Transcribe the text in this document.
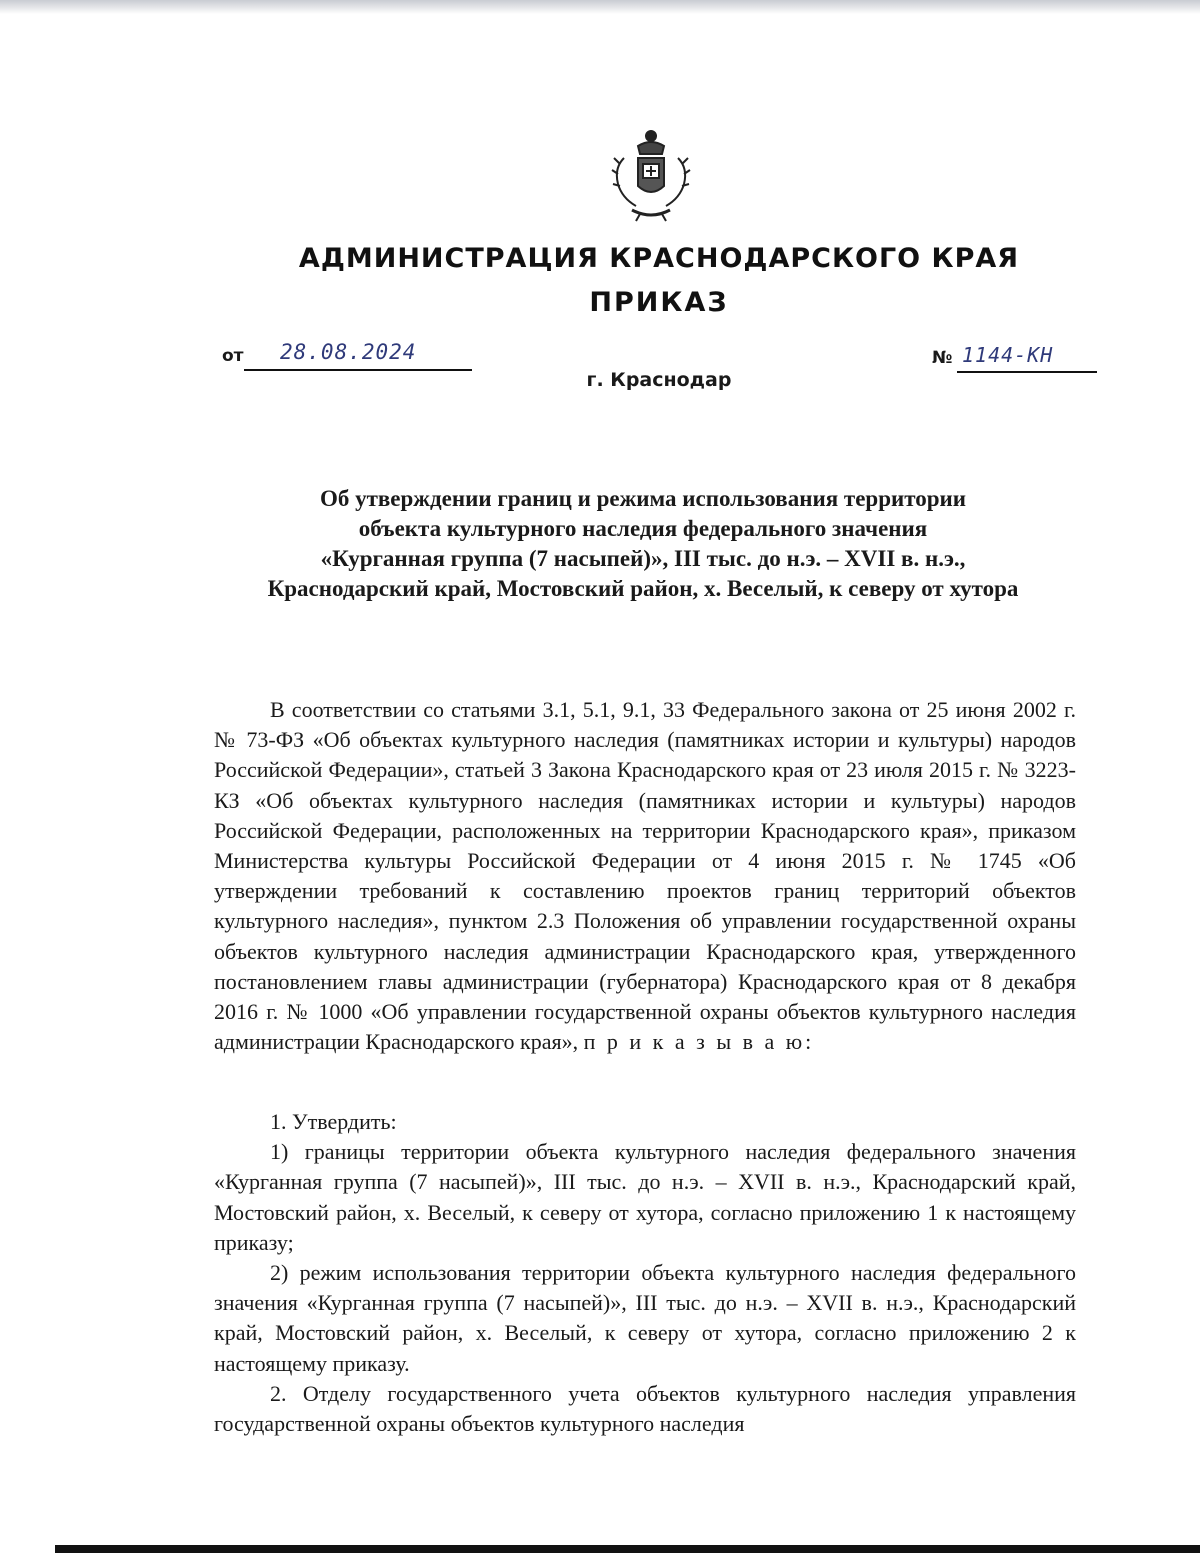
АДМИНИСТРАЦИЯ КРАСНОДАРСКОГО КРАЯ
ПРИКАЗ
от 28.08.2024
г. Краснодар
№ 1144-КН

Об утверждении границ и режима использования территории

объекта культурного наследия федерального значения

«Курганная группа (7 насыпей)», III тыс. до н.э. – XVII в. н.э.,

Краснодарский край, Мостовский район, х. Веселый, к северу от хутора

В соответствии со статьями 3.1, 5.1, 9.1, 33 Федерального закона от 25 июня 2002 г. № 73-ФЗ «Об объектах культурного наследия (памятниках истории и культуры) народов Российской Федерации», статьей 3 Закона Краснодарского края от 23 июля 2015 г. № 3223-КЗ «Об объектах культурного наследия (памятниках истории и культуры) народов Российской Федерации, расположенных на территории Краснодарского края», приказом Министерства культуры Российской Федерации от 4 июня 2015 г. № 1745 «Об утверждении требований к составлению проектов границ территорий объектов культурного наследия», пунктом 2.3 Положения об управлении государственной охраны объектов культурного наследия администрации Краснодарского края, утвержденного постановлением главы администрации (губернатора) Краснодарского края от 8 декабря 2016 г. № 1000 «Об управлении государственной охраны объектов культурного наследия администрации Краснодарского края», п р и к а з ы в а ю:

1. Утвердить:

1) границы территории объекта культурного наследия федерального значения «Курганная группа (7 насыпей)», III тыс. до н.э. – XVII в. н.э., Краснодарский край, Мостовский район, х. Веселый, к северу от хутора, согласно приложению 1 к настоящему приказу;

2) режим использования территории объекта культурного наследия федерального значения «Курганная группа (7 насыпей)», III тыс. до н.э. – XVII в. н.э., Краснодарский край, Мостовский район, х. Веселый, к северу от хутора, согласно приложению 2 к настоящему приказу.

2. Отделу государственного учета объектов культурного наследия управления государственной охраны объектов культурного наследия
